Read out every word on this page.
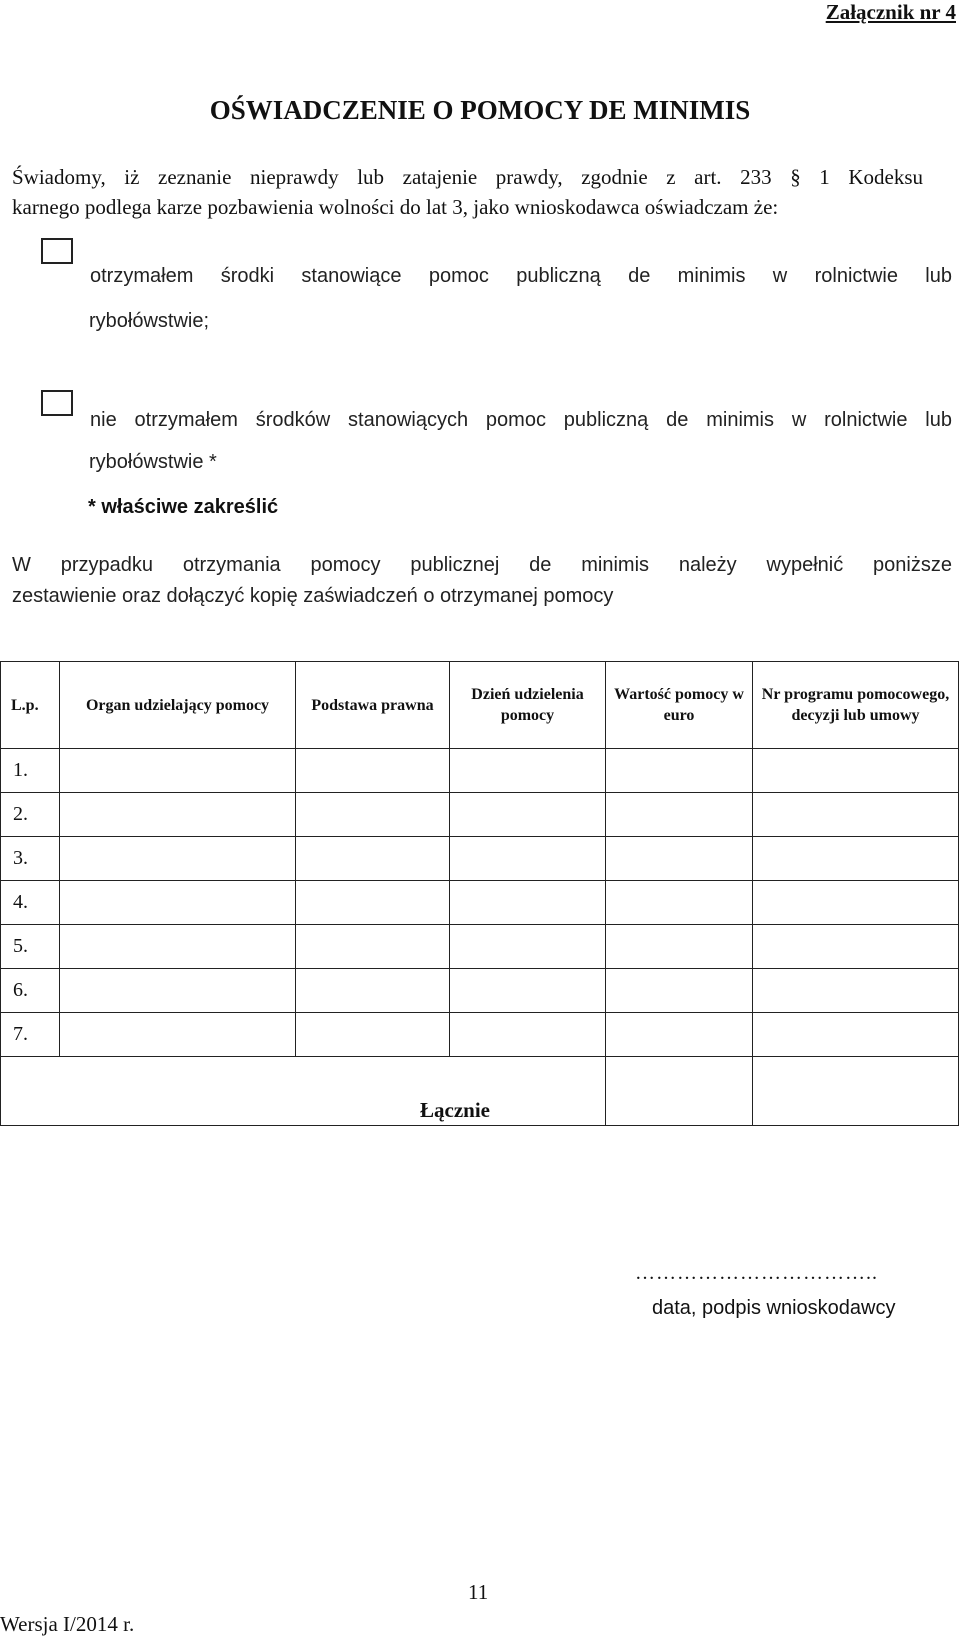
Załącznik nr 4
OŚWIADCZENIE O POMOCY DE MINIMIS
Świadomy, iż zeznanie nieprawdy lub zatajenie prawdy, zgodnie z art. 233 § 1 Kodeksu
karnego podlega karze pozbawienia wolności do lat 3, jako wnioskodawca oświadczam że:
otrzymałem środki stanowiące pomoc publiczną de minimis w rolnictwie lub
rybołówstwie;
nie otrzymałem środków stanowiących pomoc publiczną de minimis w rolnictwie lub
rybołówstwie *
* właściwe zakreślić
W przypadku otrzymania pomocy publicznej de minimis należy wypełnić poniższe
zestawienie oraz dołączyć kopię zaświadczeń o otrzymanej pomocy
L.p.	Organ udzielający pomocy	Podstawa prawna	Dzień udzielenia pomocy	Wartość pomocy w euro	Nr programu pomocowego, decyzji lub umowy
1.					
2.					
3.					
4.					
5.					
6.					
7.					
Łącznie					
……………………………..
data, podpis wnioskodawcy
11
Wersja I/2014 r.
